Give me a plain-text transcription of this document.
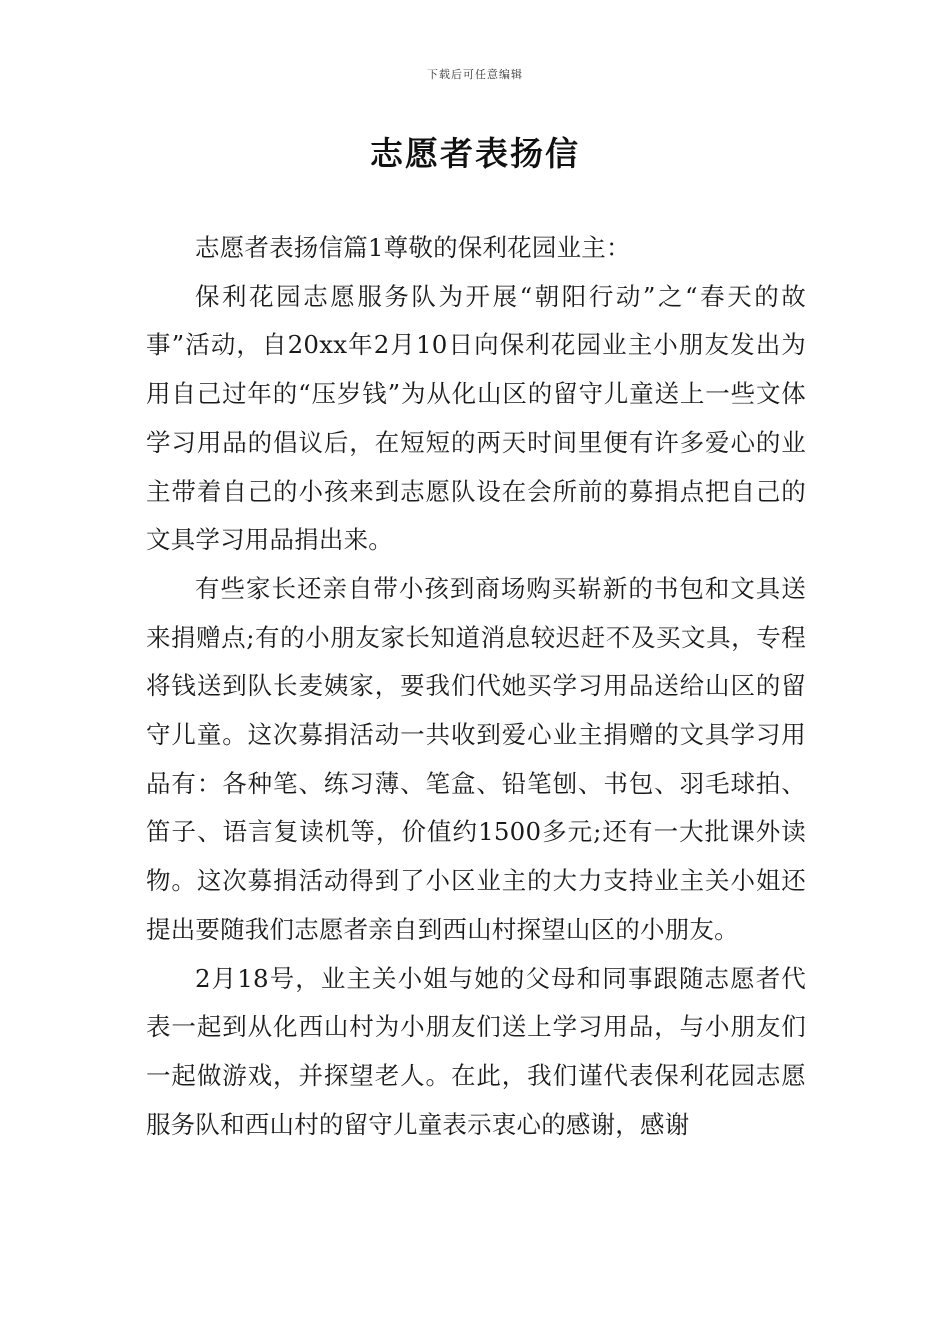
下载后可任意编辑
志愿者表扬信

志愿者表扬信篇1尊敬的保利花园业主：

保利花园志愿服务队为开展“朝阳行动”之“春天的故事”活动，自20xx年2月10日向保利花园业主小朋友发出为用自己过年的“压岁钱”为从化山区的留守儿童送上一些文体学习用品的倡议后，在短短的两天时间里便有许多爱心的业主带着自己的小孩来到志愿队设在会所前的募捐点把自己的文具学习用品捐出来。

有些家长还亲自带小孩到商场购买崭新的书包和文具送来捐赠点;有的小朋友家长知道消息较迟赶不及买文具，专程将钱送到队长麦姨家，要我们代她买学习用品送给山区的留守儿童。这次募捐活动一共收到爱心业主捐赠的文具学习用品有：各种笔、练习薄、笔盒、铅笔刨、书包、羽毛球拍、笛子、语言复读机等，价值约1500多元;还有一大批课外读物。这次募捐活动得到了小区业主的大力支持业主关小姐还提出要随我们志愿者亲自到西山村探望山区的小朋友。

2月18号，业主关小姐与她的父母和同事跟随志愿者代表一起到从化西山村为小朋友们送上学习用品，与小朋友们一起做游戏，并探望老人。在此，我们谨代表保利花园志愿服务队和西山村的留守儿童表示衷心的感谢，感谢
